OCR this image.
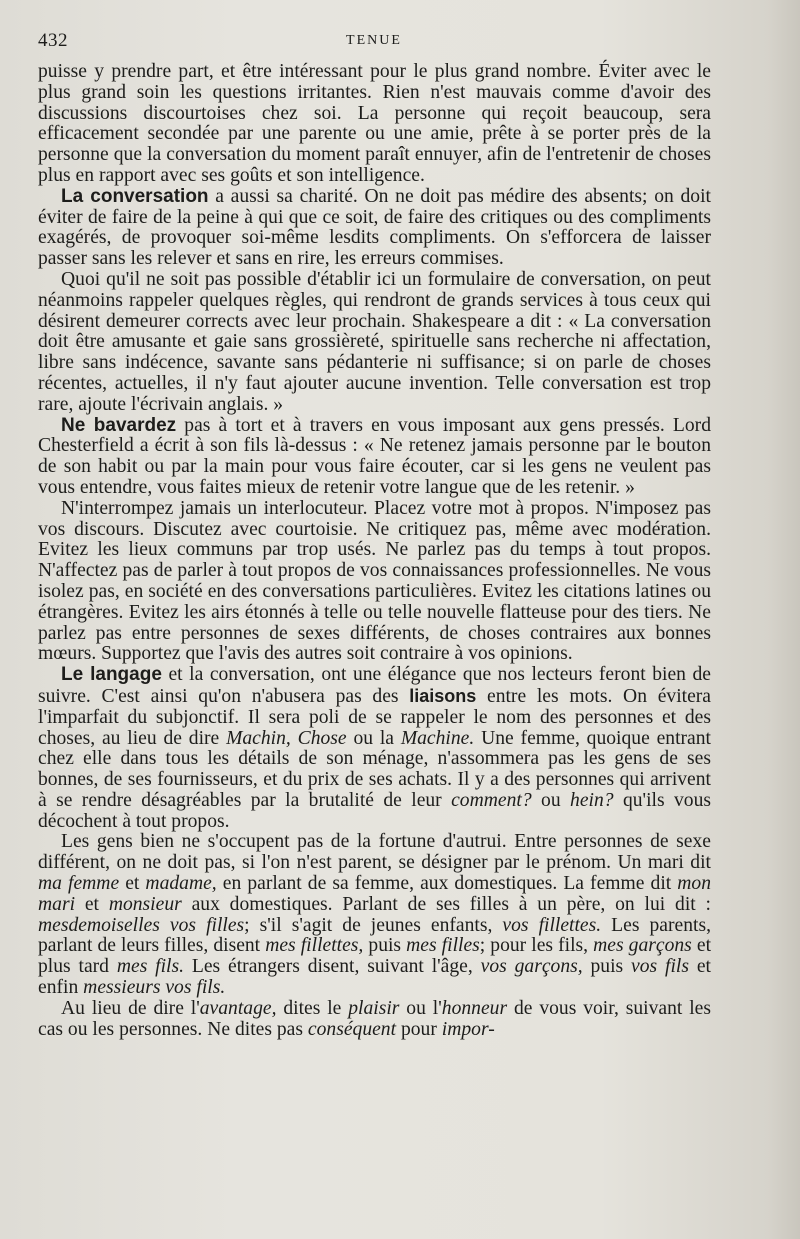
432	TENUE

puisse y prendre part, et être intéressant pour le plus grand nombre. Éviter avec le plus grand soin les questions irritantes. Rien n'est mauvais comme d'avoir des discussions discourtoises chez soi. La personne qui reçoit beaucoup, sera efficacement secondée par une parente ou une amie, prête à se porter près de la personne que la conversation du moment paraît ennuyer, afin de l'entretenir de choses plus en rapport avec ses goûts et son intelligence.

La conversation a aussi sa charité. On ne doit pas médire des absents; on doit éviter de faire de la peine à qui que ce soit, de faire des critiques ou des compliments exagérés, de provoquer soi-même lesdits compliments. On s'efforcera de laisser passer sans les relever et sans en rire, les erreurs commises.

Quoi qu'il ne soit pas possible d'établir ici un formulaire de conversation, on peut néanmoins rappeler quelques règles, qui rendront de grands services à tous ceux qui désirent demeurer corrects avec leur prochain. Shakespeare a dit : « La conversation doit être amusante et gaie sans grossièreté, spirituelle sans recherche ni affectation, libre sans indécence, savante sans pédanterie ni suffisance; si on parle de choses récentes, actuelles, il n'y faut ajouter aucune invention. Telle conversation est trop rare, ajoute l'écrivain anglais. »

Ne bavardez pas à tort et à travers en vous imposant aux gens pressés. Lord Chesterfield a écrit à son fils là-dessus : « Ne retenez jamais personne par le bouton de son habit ou par la main pour vous faire écouter, car si les gens ne veulent pas vous entendre, vous faites mieux de retenir votre langue que de les retenir. »

N'interrompez jamais un interlocuteur. Placez votre mot à propos. N'imposez pas vos discours. Discutez avec courtoisie. Ne critiquez pas, même avec modération. Evitez les lieux communs par trop usés. Ne parlez pas du temps à tout propos. N'affectez pas de parler à tout propos de vos connaissances professionnelles. Ne vous isolez pas, en société en des conversations particulières. Evitez les citations latines ou étrangères. Evitez les airs étonnés à telle ou telle nouvelle flatteuse pour des tiers. Ne parlez pas entre personnes de sexes différents, de choses contraires aux bonnes mœurs. Supportez que l'avis des autres soit contraire à vos opinions.

Le langage et la conversation, ont une élégance que nos lecteurs feront bien de suivre. C'est ainsi qu'on n'abusera pas des liaisons entre les mots. On évitera l'imparfait du subjonctif. Il sera poli de se rappeler le nom des personnes et des choses, au lieu de dire Machin, Chose ou la Machine. Une femme, quoique entrant chez elle dans tous les détails de son ménage, n'assommera pas les gens de ses bonnes, de ses fournisseurs, et du prix de ses achats. Il y a des personnes qui arrivent à se rendre désagréables par la brutalité de leur comment? ou hein? qu'ils vous décochent à tout propos.

Les gens bien ne s'occupent pas de la fortune d'autrui. Entre personnes de sexe différent, on ne doit pas, si l'on n'est parent, se désigner par le prénom. Un mari dit ma femme et madame, en parlant de sa femme, aux domestiques. La femme dit mon mari et monsieur aux domestiques. Parlant de ses filles à un père, on lui dit : mesdemoiselles vos filles; s'il s'agit de jeunes enfants, vos fillettes. Les parents, parlant de leurs filles, disent mes fillettes, puis mes filles; pour les fils, mes garçons et plus tard mes fils. Les étrangers disent, suivant l'âge, vos garçons, puis vos fils et enfin messieurs vos fils.

Au lieu de dire l'avantage, dites le plaisir ou l'honneur de vous voir, suivant les cas ou les personnes. Ne dites pas conséquent pour impor-
